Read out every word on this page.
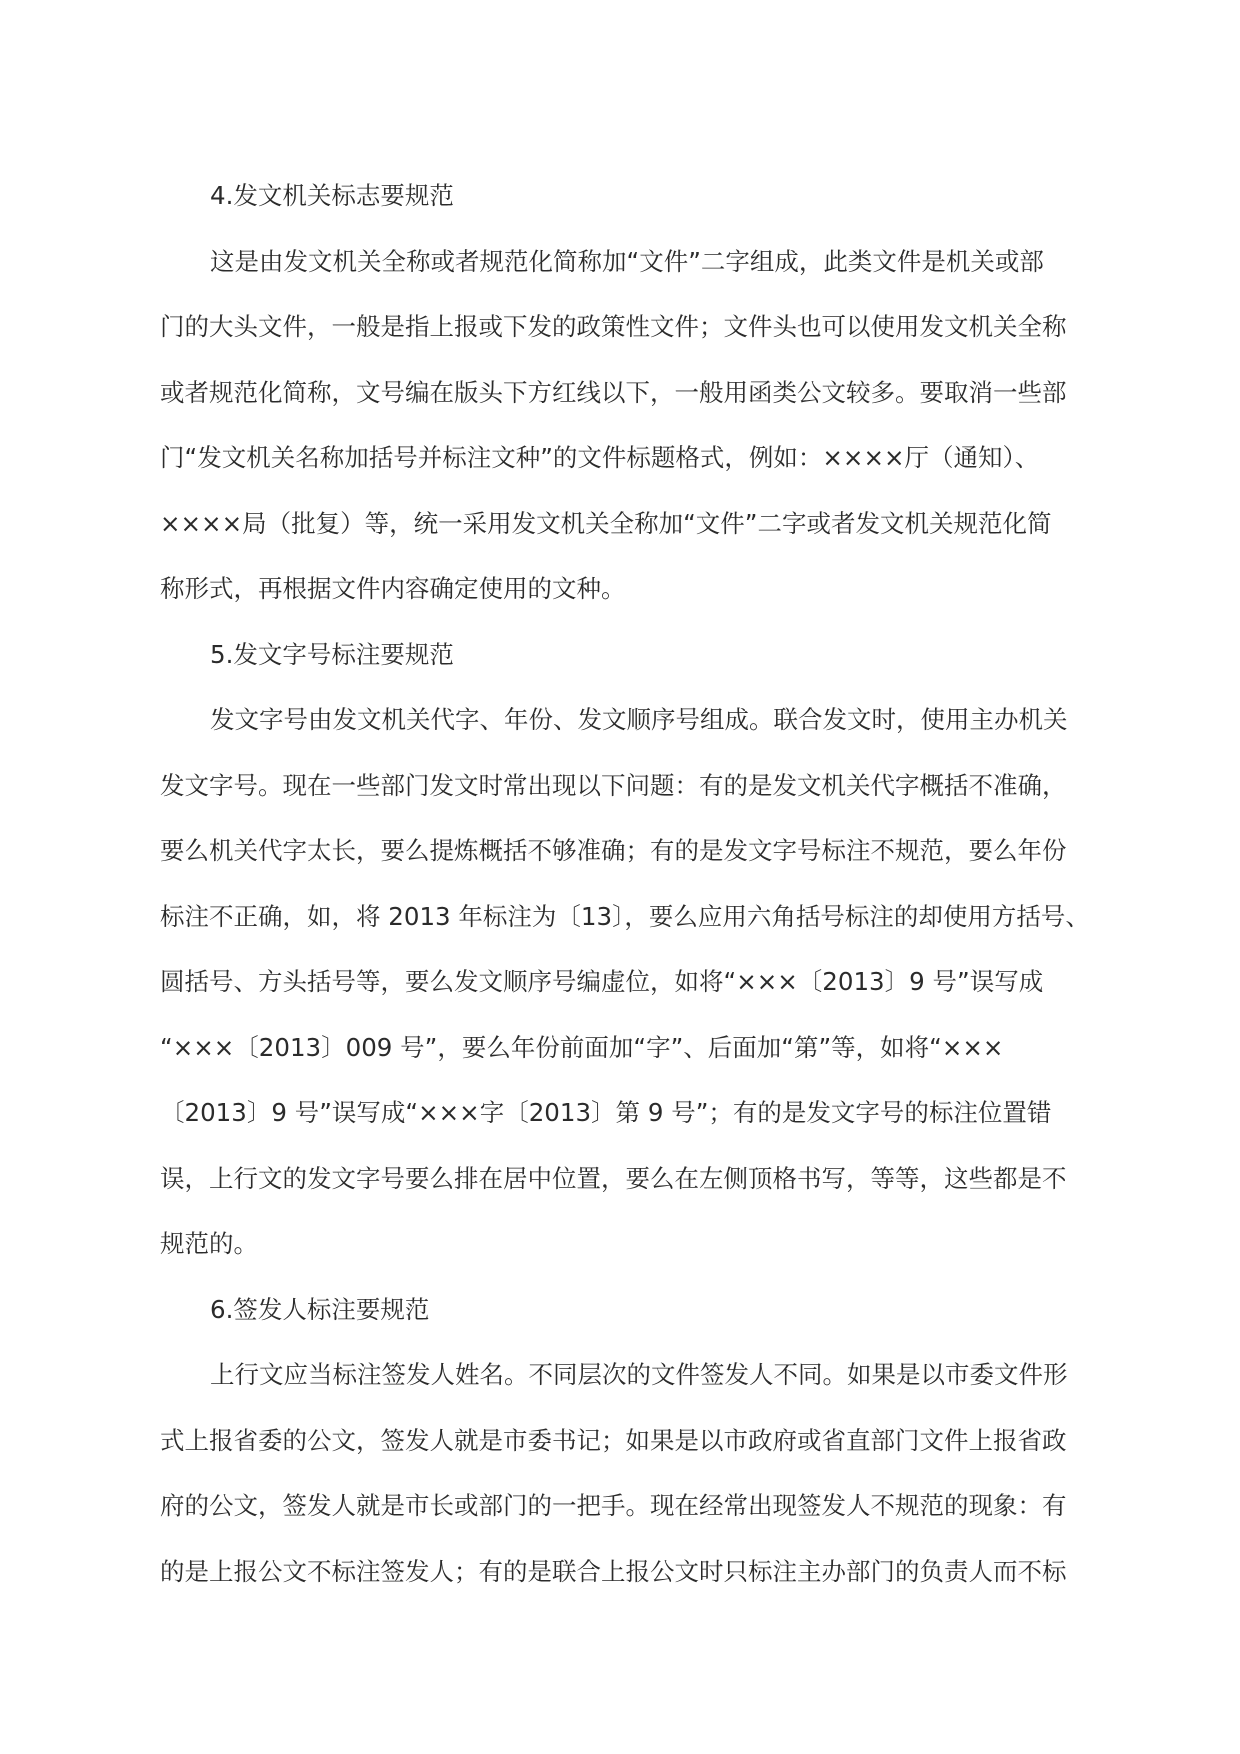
4.发文机关标志要规范
这是由发文机关全称或者规范化简称加“文件”二字组成，此类文件是机关或部
门的大头文件，一般是指上报或下发的政策性文件；文件头也可以使用发文机关全称
或者规范化简称，文号编在版头下方红线以下，一般用函类公文较多。要取消一些部
门“发文机关名称加括号并标注文种”的文件标题格式，例如：××××厅（通知）、
××××局（批复）等，统一采用发文机关全称加“文件”二字或者发文机关规范化简
称形式，再根据文件内容确定使用的文种。
5.发文字号标注要规范
发文字号由发文机关代字、年份、发文顺序号组成。联合发文时，使用主办机关
发文字号。现在一些部门发文时常出现以下问题：有的是发文机关代字概括不准确，
要么机关代字太长，要么提炼概括不够准确；有的是发文字号标注不规范，要么年份
标注不正确，如，将 2013 年标注为〔13〕，要么应用六角括号标注的却使用方括号、
圆括号、方头括号等，要么发文顺序号编虚位，如将“×××〔2013〕9 号”误写成
“×××〔2013〕009 号”，要么年份前面加“字”、后面加“第”等，如将“×××
〔2013〕9 号”误写成“×××字〔2013〕第 9 号”；有的是发文字号的标注位置错
误，上行文的发文字号要么排在居中位置，要么在左侧顶格书写，等等，这些都是不
规范的。
6.签发人标注要规范
上行文应当标注签发人姓名。不同层次的文件签发人不同。如果是以市委文件形
式上报省委的公文，签发人就是市委书记；如果是以市政府或省直部门文件上报省政
府的公文，签发人就是市长或部门的一把手。现在经常出现签发人不规范的现象：有
的是上报公文不标注签发人；有的是联合上报公文时只标注主办部门的负责人而不标
